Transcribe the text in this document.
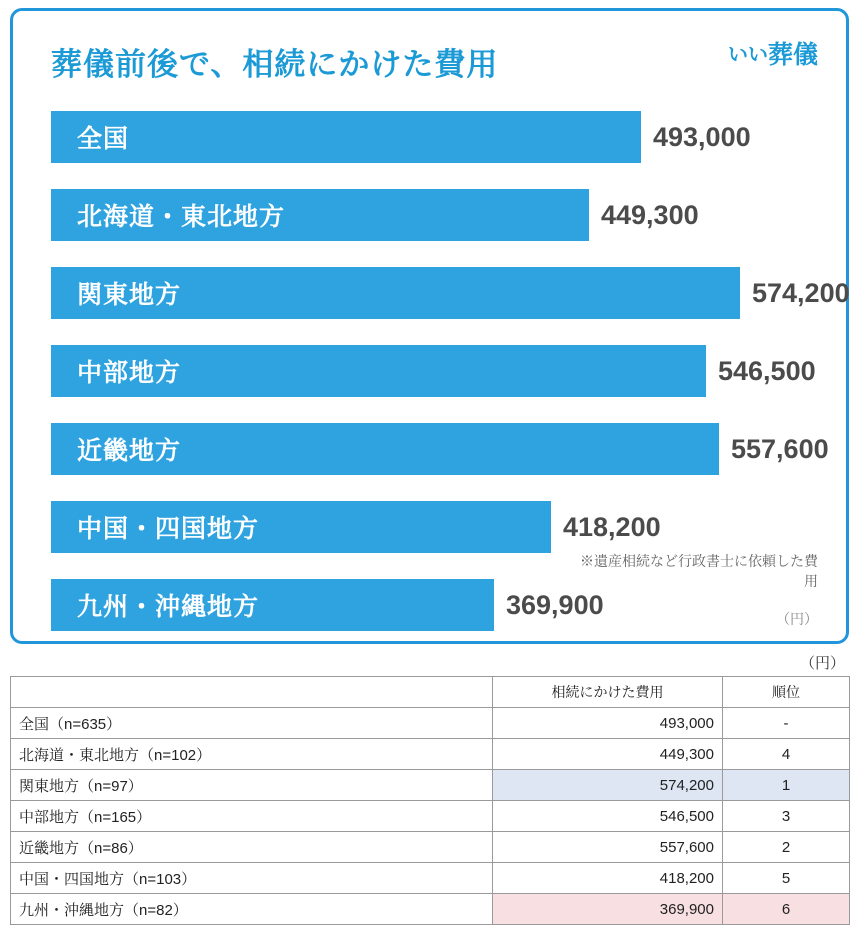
葬儀前後で、相続にかけた費用	いい葬儀
全国	493,000
北海道・東北地方	449,300
関東地方	574,200
中部地方	546,500
近畿地方	557,600
中国・四国地方	418,200
九州・沖縄地方	369,900
※遺産相続など行政書士に依頼した費用
（円）
（円）
	相続にかけた費用	順位
全国（n=635）	493,000	-
北海道・東北地方（n=102）	449,300	4
関東地方（n=97）	574,200	1
中部地方（n=165）	546,500	3
近畿地方（n=86）	557,600	2
中国・四国地方（n=103）	418,200	5
九州・沖縄地方（n=82）	369,900	6
